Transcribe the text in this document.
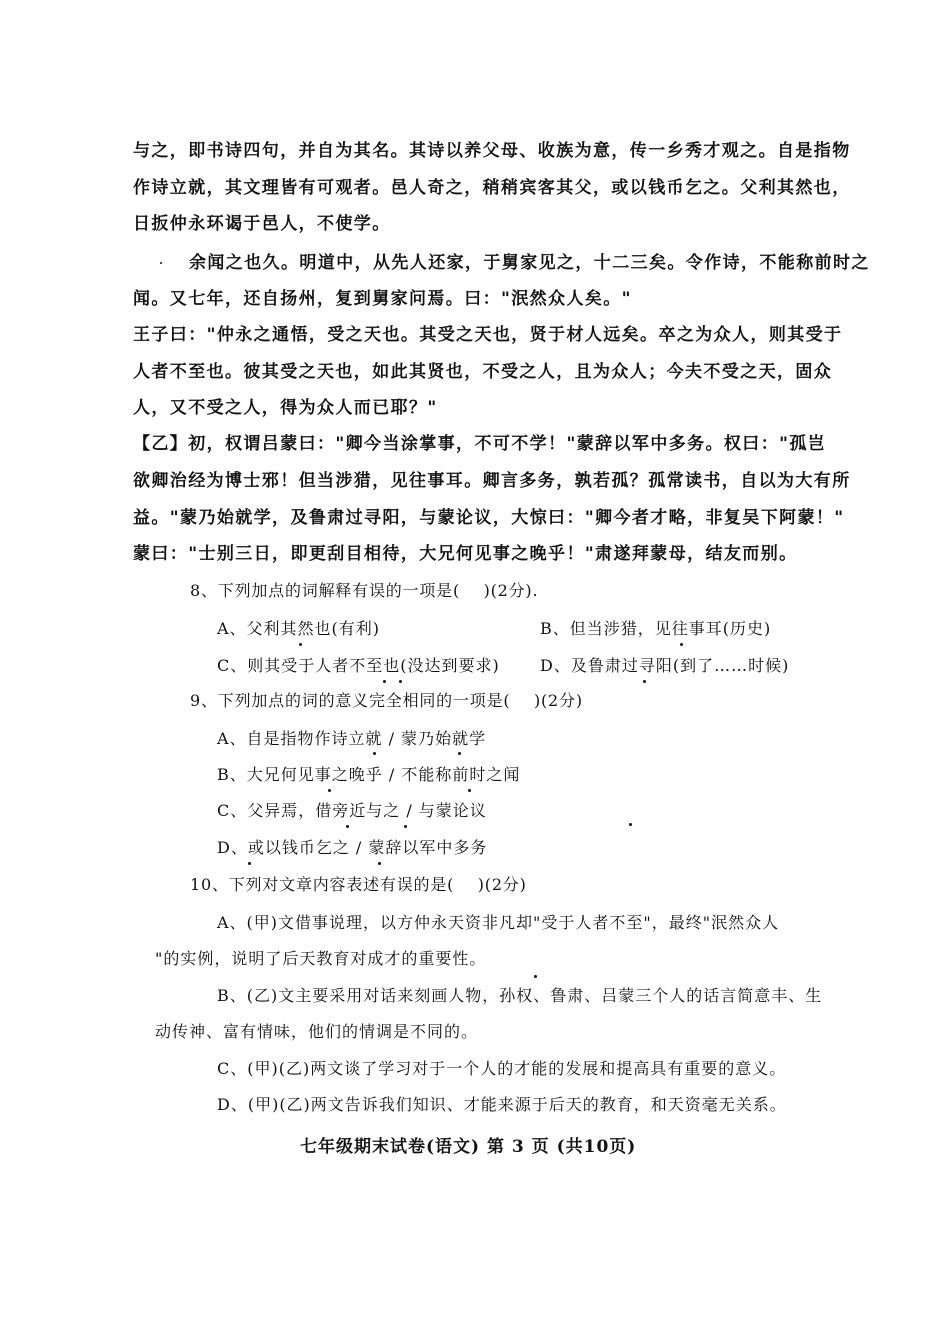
与之，即书诗四句，并自为其名。其诗以养父母、收族为意，传一乡秀才观之。自是指物
作诗立就，其文理皆有可观者。邑人奇之，稍稍宾客其父，或以钱币乞之。父利其然也，
日扳仲永环谒于邑人，不使学。
余闻之也久。明道中，从先人还家，于舅家见之，十二三矣。令作诗，不能称前时之
闻。又七年，还自扬州，复到舅家问焉。曰："泯然众人矣。"
王子曰："仲永之通悟，受之天也。其受之天也，贤于材人远矣。卒之为众人，则其受于
人者不至也。彼其受之天也，如此其贤也，不受之人，且为众人；今夫不受之天，固众
人，又不受之人，得为众人而已耶？"
【乙】初，权谓吕蒙曰："卿今当涂掌事，不可不学！"蒙辞以军中多务。权曰："孤岂
欲卿治经为博士邪！但当涉猎，见往事耳。卿言多务，孰若孤？孤常读书，自以为大有所
益。"蒙乃始就学，及鲁肃过寻阳，与蒙论议，大惊曰："卿今者才略，非复吴下阿蒙！"
蒙曰："士别三日，即更刮目相待，大兄何见事之晚乎！"肃遂拜蒙母，结友而别。
8、下列加点的词解释有误的一项是(    )(2分).
A、父利其然也(有利)	B、但当涉猎，见往事耳(历史)
C、则其受于人者不至也(没达到要求)	D、及鲁肃过寻阳(到了……时候)
9、下列加点的词的意义完全相同的一项是(    )(2分)
A、自是指物作诗立就 / 蒙乃始就学
B、大兄何见事之晚乎 / 不能称前时之闻
C、父异焉，借旁近与之 / 与蒙论议
D、或以钱币乞之 / 蒙辞以军中多务
10、下列对文章内容表述有误的是(    )(2分)
A、(甲)文借事说理，以方仲永天资非凡却"受于人者不至"，最终"泯然众人
"的实例，说明了后天教育对成才的重要性。
B、(乙)文主要采用对话来刻画人物，孙权、鲁肃、吕蒙三个人的话言简意丰、生
动传神、富有情味，他们的情调是不同的。
C、(甲)(乙)两文谈了学习对于一个人的才能的发展和提高具有重要的意义。
D、(甲)(乙)两文告诉我们知识、才能来源于后天的教育，和天资毫无关系。
七年级期末试卷(语文) 第 3 页 (共10页)
